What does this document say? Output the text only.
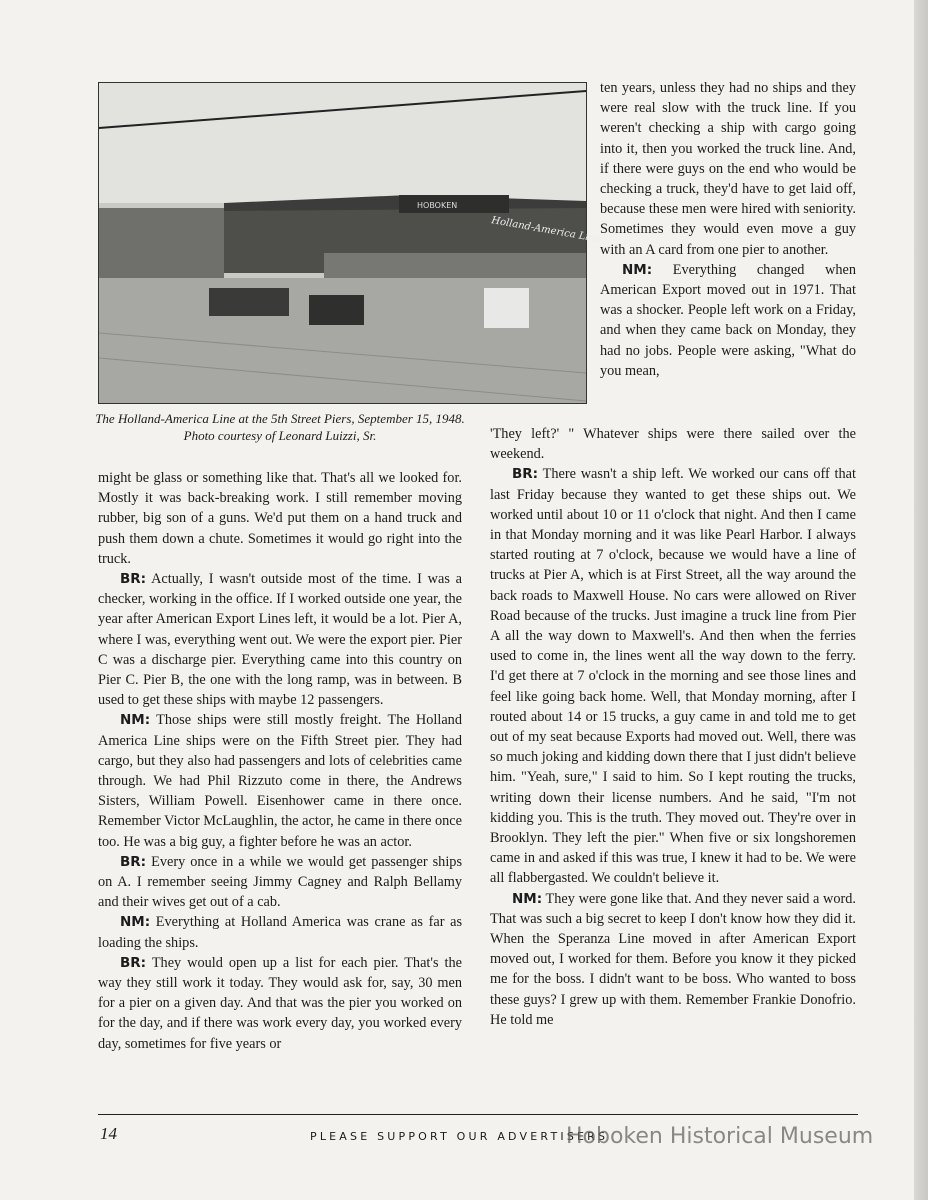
HOBOKEN
Holland-America Line
The Holland-America Line at the 5th Street Piers, September 15, 1948. Photo courtesy of Leonard Luizzi, Sr.

might be glass or something like that. That's all we looked for. Mostly it was back-breaking work. I still remember moving rubber, big son of a guns. We'd put them on a hand truck and push them down a chute. Sometimes it would go right into the truck.

BR: Actually, I wasn't outside most of the time. I was a checker, working in the office. If I worked outside one year, the year after American Export Lines left, it would be a lot. Pier A, where I was, everything went out. We were the export pier. Pier C was a discharge pier. Everything came into this country on Pier C. Pier B, the one with the long ramp, was in between. B used to get these ships with maybe 12 passengers.

NM: Those ships were still mostly freight. The Holland America Line ships were on the Fifth Street pier. They had cargo, but they also had passengers and lots of celebrities came through. We had Phil Rizzuto come in there, the Andrews Sisters, William Powell. Eisenhower came in there once. Remember Victor McLaughlin, the actor, he came in there once too. He was a big guy, a fighter before he was an actor.

BR: Every once in a while we would get passenger ships on A. I remember seeing Jimmy Cagney and Ralph Bellamy and their wives get out of a cab.

NM: Everything at Holland America was crane as far as loading the ships.

BR: They would open up a list for each pier. That's the way they still work it today. They would ask for, say, 30 men for a pier on a given day. And that was the pier you worked on for the day, and if there was work every day, you worked every day, sometimes for five years or

ten years, unless they had no ships and they were real slow with the truck line. If you weren't checking a ship with cargo going into it, then you worked the truck line. And, if there were guys on the end who would be checking a truck, they'd have to get laid off, because these men were hired with seniority. Sometimes they would even move a guy with an A card from one pier to another.

NM: Everything changed when American Export moved out in 1971. That was a shocker. People left work on a Friday, and when they came back on Monday, they had no jobs. People were asking, "What do you mean,

'They left?' " Whatever ships were there sailed over the weekend.

BR: There wasn't a ship left. We worked our cans off that last Friday because they wanted to get these ships out. We worked until about 10 or 11 o'clock that night. And then I came in that Monday morning and it was like Pearl Harbor. I always started routing at 7 o'clock, because we would have a line of trucks at Pier A, which is at First Street, all the way around the back roads to Maxwell House. No cars were allowed on River Road because of the trucks. Just imagine a truck line from Pier A all the way down to Maxwell's. And then when the ferries used to come in, the lines went all the way down to the ferry. I'd get there at 7 o'clock in the morning and see those lines and feel like going back home. Well, that Monday morning, after I routed about 14 or 15 trucks, a guy came in and told me to get out of my seat because Exports had moved out. Well, there was so much joking and kidding down there that I just didn't believe him. "Yeah, sure," I said to him. So I kept routing the trucks, writing down their license numbers. And he said, "I'm not kidding you. This is the truth. They moved out. They're over in Brooklyn. They left the pier." When five or six longshoremen came in and asked if this was true, I knew it had to be. We were all flabbergasted. We couldn't believe it.

NM: They were gone like that. And they never said a word. That was such a big secret to keep I don't know how they did it. When the Speranza Line moved in after American Export moved out, I worked for them. Before you know it they picked me for the boss. I didn't want to be boss. Who wanted to boss these guys? I grew up with them. Remember Frankie Donofrio. He told me

14	PLEASE SUPPORT OUR ADVERTISERS
Hoboken Historical Museum
